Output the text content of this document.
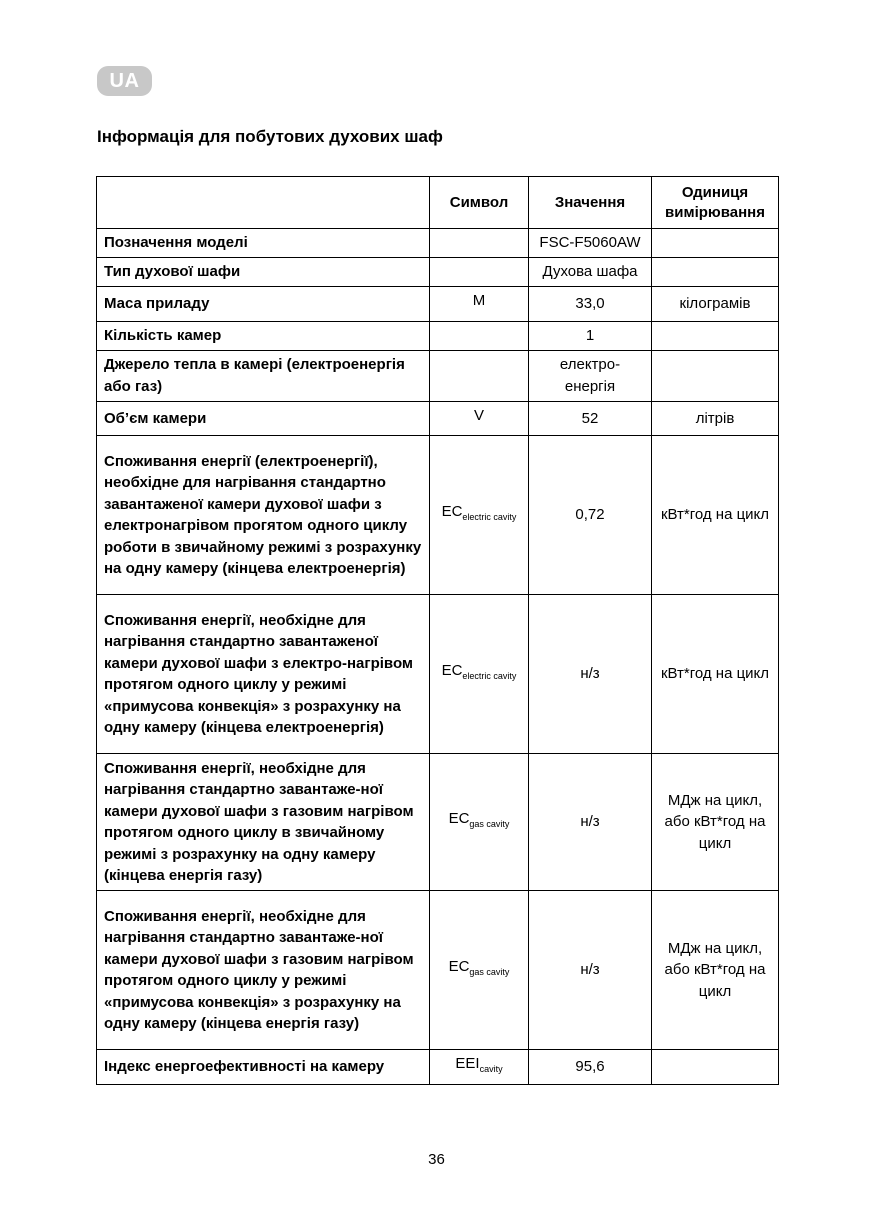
UA
Інформація для побутових духових шаф
	Символ	Значення	Одиниця вимірювання
Позначення моделі		FSC-F5060AW	
Тип духової шафи		Духова шафа	
Маса приладу	M	33,0	кілограмів
Кількість камер		1	
Джерело тепла в камері (електроенергія або газ)		електро-енергія	
Об’єм камери	V	52	літрів
Споживання енергії (електроенергії), необхідне для нагрівання стандартно завантаженої камери духової шафи з електронагрівом прогятом одного циклу роботи в звичайному режимі з розрахунку на одну камеру (кінцева електроенергія)	$EC_{electric cavity}$	0,72	кВт*год на цикл
Споживання енергії, необхідне для нагрівання стандартно завантаженої камери духової шафи з електро-нагрівом протягом одного циклу у режимі «примусова конвекція» з розрахунку на одну камеру (кінцева електроенергія)	$EC_{electric cavity}$	н/з	кВт*год на цикл
Споживання енергії, необхідне для нагрівання стандартно завантаже-ної камери духової шафи з газовим нагрівом протягом одного циклу в звичайному режимі з розрахунку на одну камеру (кінцева енергія газу)	$EC_{gas cavity}$	н/з	МДж на цикл, або кВт*год на цикл
Споживання енергії, необхідне для нагрівання стандартно завантаже-ної камери духової шафи з газовим нагрівом протягом одного циклу у режимі «примусова конвекція» з розрахунку на одну камеру (кінцева енергія газу)	$EC_{gas cavity}$	н/з	МДж на цикл, або кВт*год на цикл
Індекс енергоефективності на камеру	$EEI_{cavity}$	95,6	
36
